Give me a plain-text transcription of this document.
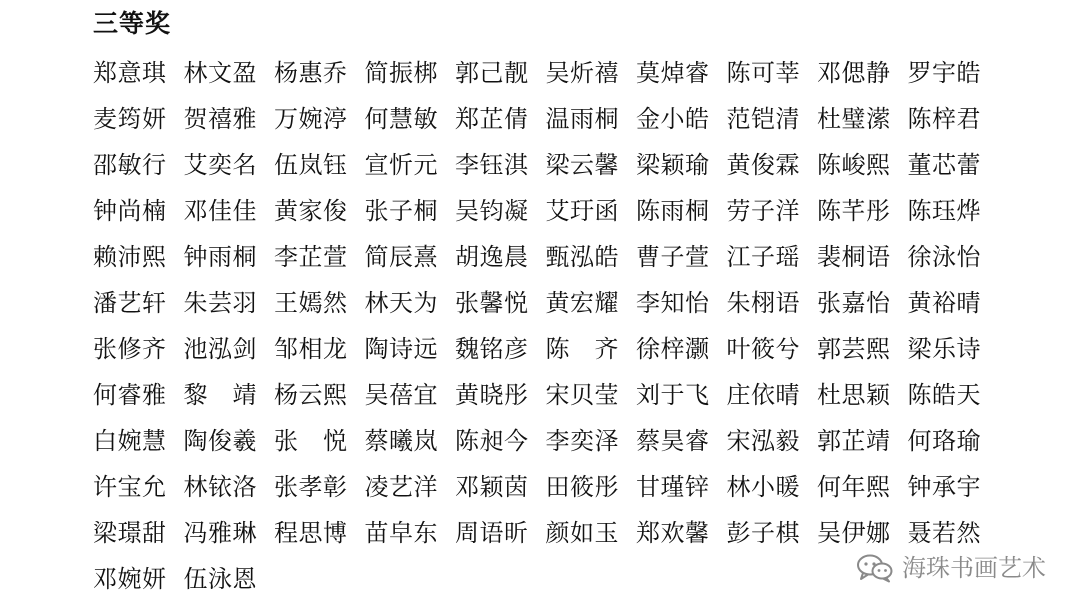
三等奖
郑意琪 林文盈 杨惠乔 简振梆 郭己靓 吴炘禧 莫焯睿 陈可莘 邓偲静 罗宇皓
麦筠妍 贺禧雅 万婉渟 何慧敏 郑芷倩 温雨桐 金小皓 范铠清 杜璧潆 陈梓君
邵敏行 艾奕名 伍岚钰 宣忻元 李钰淇 梁云馨 梁颖瑜 黄俊霖 陈峻熙 董芯蕾
钟尚楠 邓佳佳 黄家俊 张子桐 吴钧凝 艾玗函 陈雨桐 劳子洋 陈芊彤 陈珏烨
赖沛熙 钟雨桐 李芷萱 简辰熹 胡逸晨 甄泓皓 曹子萱 江子瑶 裴桐语 徐泳怡
潘艺轩 朱芸羽 王嫣然 林天为 张馨悦 黄宏耀 李知怡 朱栩语 张嘉怡 黄裕晴
张修齐 池泓剑 邹相龙 陶诗远 魏铭彦 陈　齐 徐梓灏 叶筱兮 郭芸熙 梁乐诗
何睿雅 黎　靖 杨云熙 吴蓓宜 黄晓彤 宋贝莹 刘于飞 庄依晴 杜思颖 陈皓天
白婉慧 陶俊羲 张　悦 蔡曦岚 陈昶今 李奕泽 蔡昊睿 宋泓毅 郭芷靖 何珞瑜
许宝允 林铱洛 张孝彰 凌艺洋 邓颖茵 田筱彤 甘瑾锌 林小暖 何年熙 钟承宇
梁璟甜 冯雅琳 程思博 苗皁东 周语昕 颜如玉 郑欢馨 彭子棋 吴伊娜 聂若然
邓婉妍 伍泳恩	海珠书画艺术
